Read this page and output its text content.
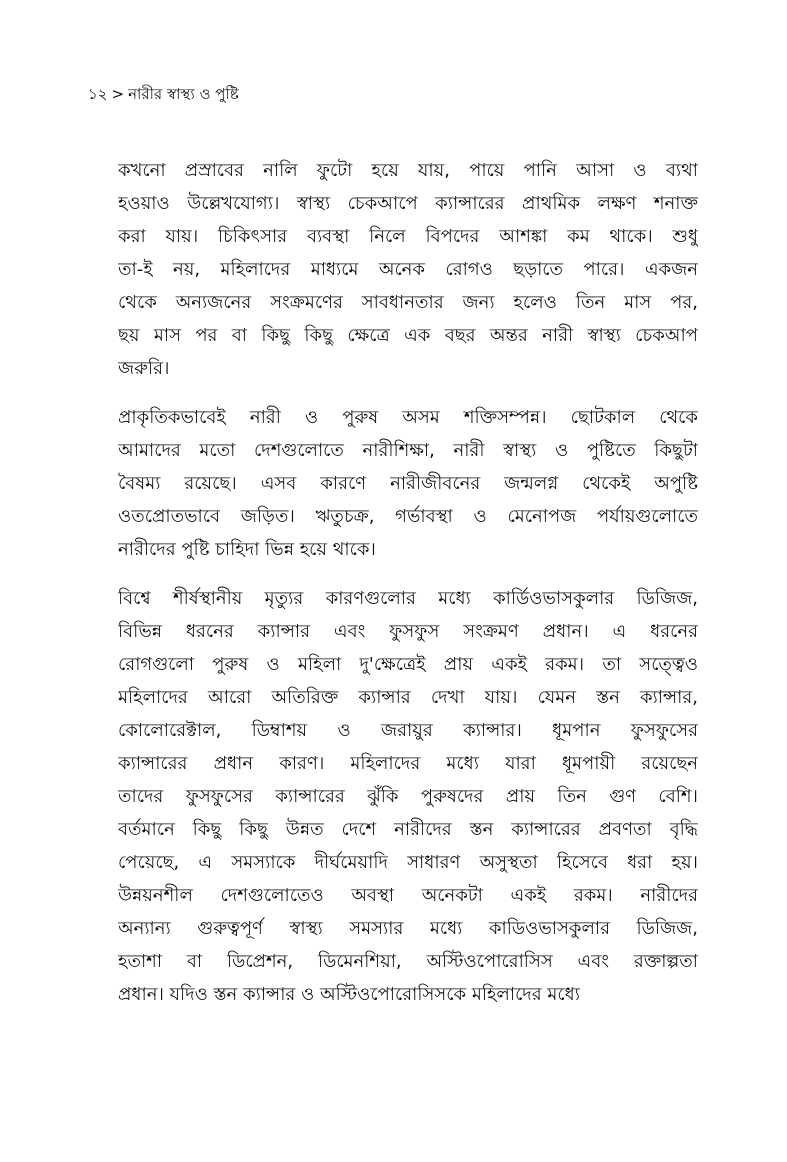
১২ > নারীর স্বাস্থ্য ও পুষ্টি
কখনো প্রস্রাবের নালি ফুটো হয়ে যায়, পায়ে পানি আসা ও ব্যথা
হওয়াও উল্লেখযোগ্য। স্বাস্থ্য চেকআপে ক্যান্সারের প্রাথমিক লক্ষণ শনাক্ত
করা যায়। চিকিৎসার ব্যবস্থা নিলে বিপদের আশঙ্কা কম থাকে। শুধু
তা-ই নয়, মহিলাদের মাধ্যমে অনেক রোগও ছড়াতে পারে। একজন
থেকে অন্যজনের সংক্রমণের সাবধানতার জন্য হলেও তিন মাস পর,
ছয় মাস পর বা কিছু কিছু ক্ষেত্রে এক বছর অন্তর নারী স্বাস্থ্য চেকআপ
জরুরি।
প্রাকৃতিকভাবেই নারী ও পুরুষ অসম শক্তিসম্পন্ন। ছোটকাল থেকে
আমাদের মতো দেশগুলোতে নারীশিক্ষা, নারী স্বাস্থ্য ও পুষ্টিতে কিছুটা
বৈষম্য রয়েছে। এসব কারণে নারীজীবনের জন্মলগ্ন থেকেই অপুষ্টি
ওতপ্রোতভাবে জড়িত। ঋতুচক্র, গর্ভাবস্থা ও মেনোপজ পর্যায়গুলোতে
নারীদের পুষ্টি চাহিদা ভিন্ন হয়ে থাকে।
বিশ্বে শীর্ষস্থানীয় মৃত্যুর কারণগুলোর মধ্যে কার্ডিওভাসকুলার ডিজিজ,
বিভিন্ন ধরনের ক্যান্সার এবং ফুসফুস সংক্রমণ প্রধান। এ ধরনের
রোগগুলো পুরুষ ও মহিলা দু'ক্ষেত্রেই প্রায় একই রকম। তা সত্ত্বেও
মহিলাদের আরো অতিরিক্ত ক্যান্সার দেখা যায়। যেমন স্তন ক্যান্সার,
কোলোরেক্টাল, ডিম্বাশয় ও জরায়ুর ক্যান্সার। ধূমপান ফুসফুসের
ক্যান্সারের প্রধান কারণ। মহিলাদের মধ্যে যারা ধূমপায়ী রয়েছেন
তাদের ফুসফুসের ক্যান্সারের ঝুঁকি পুরুষদের প্রায় তিন গুণ বেশি।
বর্তমানে কিছু কিছু উন্নত দেশে নারীদের স্তন ক্যান্সারের প্রবণতা বৃদ্ধি
পেয়েছে, এ সমস্যাকে দীর্ঘমেয়াদি সাধারণ অসুস্থতা হিসেবে ধরা হয়।
উন্নয়নশীল দেশগুলোতেও অবস্থা অনেকটা একই রকম। নারীদের
অন্যান্য গুরুত্বপূর্ণ স্বাস্থ্য সমস্যার মধ্যে কাডিওভাসকুলার ডিজিজ,
হতাশা বা ডিপ্রেশন, ডিমেনশিয়া, অস্টিওপোরোসিস এবং রক্তাল্পতা
প্রধান। যদিও স্তন ক্যান্সার ও অস্টিওপোরোসিসকে মহিলাদের মধ্যে
